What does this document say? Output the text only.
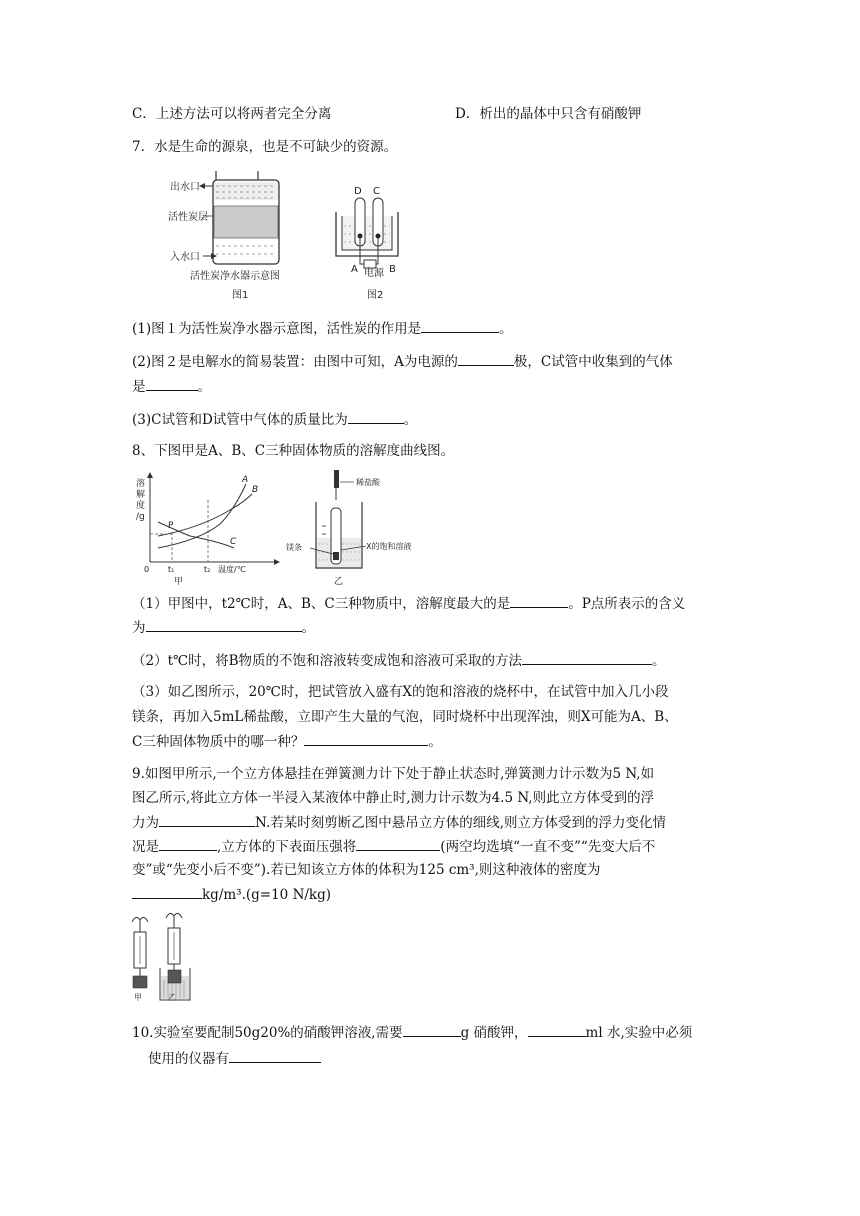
C．上述方法可以将两者完全分离	D．析出的晶体中只含有硝酸钾
7．水是生命的源泉，也是不可缺少的资源。
出水口
活性炭层
入水口
活性炭净水器示意图
图1
D C
A 电源 B
图2
(1)图１为活性炭净水器示意图，活性炭的作用是	。
(2)图２是电解水的简易装置：由图中可知，A为电源的	极，C试管中收集到的气体
是	。
(3)C试管和D试管中气体的质量比为	。
8、下图甲是A、B、C三种固体物质的溶解度曲线图。
溶
解
度
/g
A
B
C
P
0 t₁	t₂ 温度/℃
甲
稀盐酸
镁条	X的饱和溶液
乙
（1）甲图中，t2℃时，A、B、C三种物质中，溶解度最大的是	。P点所表示的含义
为	。
（2）t℃时，将B物质的不饱和溶液转变成饱和溶液可采取的方法	。
（3）如乙图所示，20℃时，把试管放入盛有X的饱和溶液的烧杯中，在试管中加入几小段
镁条，再加入5mL稀盐酸，立即产生大量的气泡，同时烧杯中出现浑浊，则X可能为A、B、
C三种固体物质中的哪一种？	。
9.如图甲所示,一个立方体悬挂在弹簧测力计下处于静止状态时,弹簧测力计示数为5 N,如
图乙所示,将此立方体一半浸入某液体中静止时,测力计示数为4.5 N,则此立方体受到的浮
力为	N.若某时刻剪断乙图中悬吊立方体的细线,则立方体受到的浮力变化情
况是	,立方体的下表面压强将	(两空均选填“一直不变”“先变大后不
变”或“先变小后不变”).若已知该立方体的体积为125 cm³,则这种液体的密度为
kg/m³.(g=10 N/kg)
甲	乙
10.实验室要配制50g20%的硝酸钾溶液,需要	g 硝酸钾，	ml 水,实验中必须
使用的仪器有
